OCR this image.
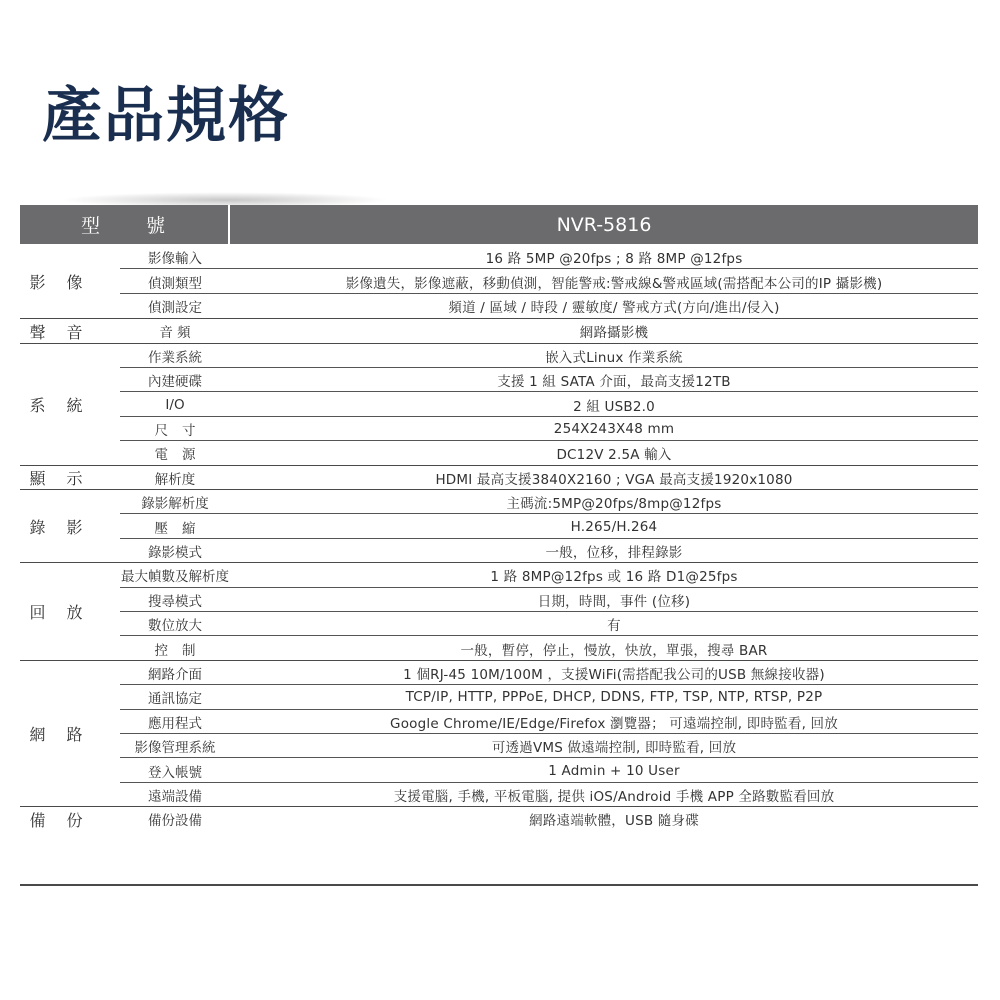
產品規格
型 號	NVR-5816
影 像
影像輸入	16 路 5MP @20fps ; 8 路 8MP @12fps
偵測類型	影像遺失，影像遮蔽，移動偵測，智能警戒:警戒線&警戒區域(需搭配本公司的IP 攝影機)
偵測設定	頻道 / 區域 / 時段 / 靈敏度/ 警戒方式(方向/進出/侵入)
聲 音	音 頻	網路攝影機
系 統
作業系統	嵌入式Linux 作業系統
內建硬碟	支援 1 組 SATA 介面，最高支援12TB
I/O	2 組 USB2.0
尺寸	254X243X48 mm
電源	DC12V 2.5A 輸入
顯 示	解析度	HDMI 最高支援3840X2160 ; VGA 最高支援1920x1080
錄 影
錄影解析度	主碼流:5MP@20fps/8mp@12fps
壓縮	H.265/H.264
錄影模式	一般，位移，排程錄影
回 放
最大幀數及解析度	1 路 8MP@12fps 或 16 路 D1@25fps
搜尋模式	日期，時間，事件 (位移)
數位放大	有
控制	一般，暫停，停止，慢放，快放，單張，搜尋 BAR
網 路
網路介面	1 個RJ-45 10M/100M ，支援WiFi(需搭配我公司的USB 無線接收器)
通訊協定	TCP/IP, HTTP, PPPoE, DHCP, DDNS, FTP, TSP, NTP, RTSP, P2P
應用程式	Google Chrome/IE/Edge/Firefox 瀏覽器； 可遠端控制, 即時監看, 回放
影像管理系統	可透過VMS 做遠端控制, 即時監看, 回放
登入帳號	1 Admin + 10 User
遠端設備	支援電腦, 手機, 平板電腦, 提供 iOS/Android 手機 APP 全路數監看回放
備 份	備份設備	網路遠端軟體，USB 隨身碟
